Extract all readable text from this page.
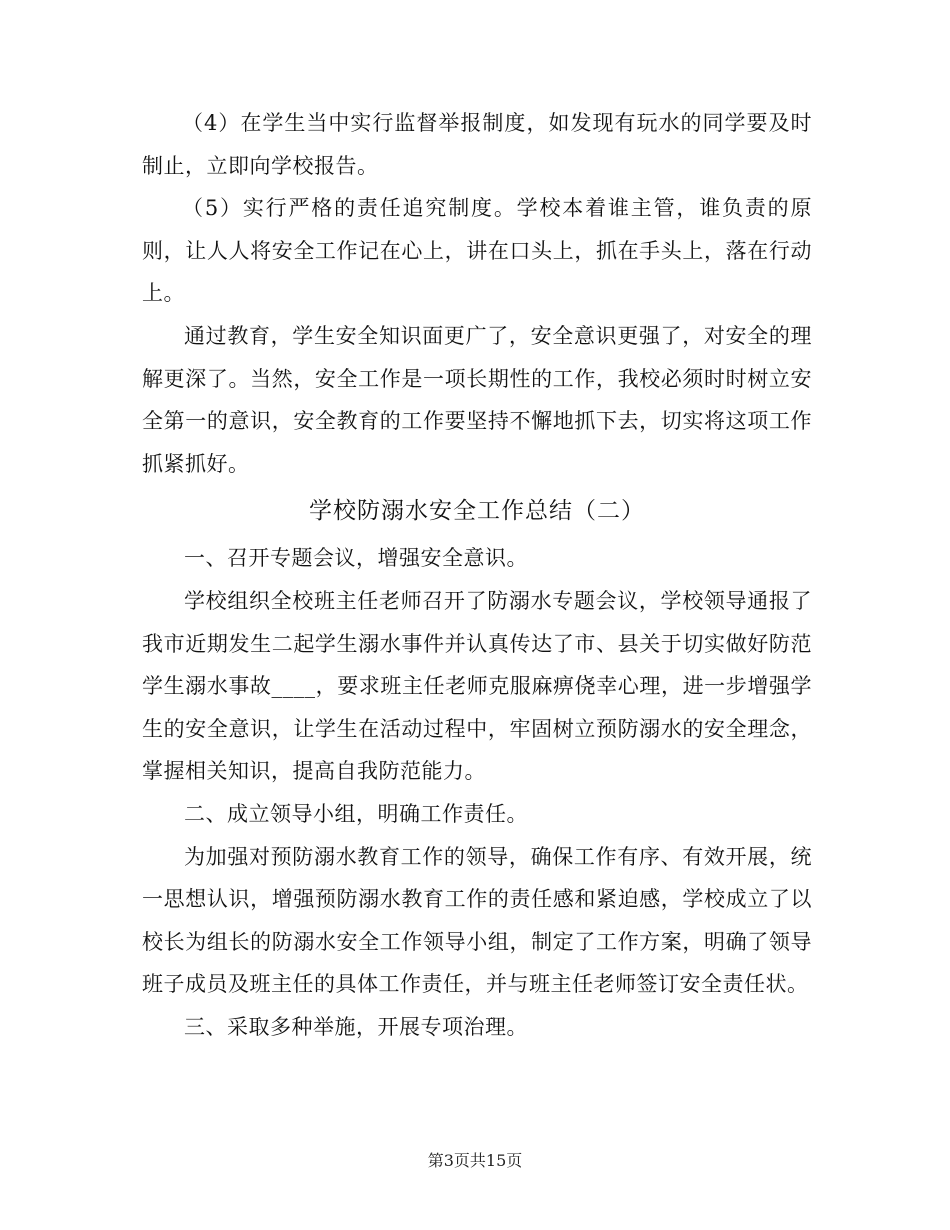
（4）在学生当中实行监督举报制度，如发现有玩水的同学要及时制止，立即向学校报告。

（5）实行严格的责任追究制度。学校本着谁主管，谁负责的原则，让人人将安全工作记在心上，讲在口头上，抓在手头上，落在行动上。

通过教育，学生安全知识面更广了，安全意识更强了，对安全的理解更深了。当然，安全工作是一项长期性的工作，我校必须时时树立安全第一的意识，安全教育的工作要坚持不懈地抓下去，切实将这项工作抓紧抓好。

学校防溺水安全工作总结（二）

一、召开专题会议，增强安全意识。

学校组织全校班主任老师召开了防溺水专题会议，学校领导通报了我市近期发生二起学生溺水事件并认真传达了市、县关于切实做好防范学生溺水事故____，要求班主任老师克服麻痹侥幸心理，进一步增强学生的安全意识，让学生在活动过程中，牢固树立预防溺水的安全理念，掌握相关知识，提高自我防范能力。

二、成立领导小组，明确工作责任。

为加强对预防溺水教育工作的领导，确保工作有序、有效开展，统一思想认识，增强预防溺水教育工作的责任感和紧迫感，学校成立了以校长为组长的防溺水安全工作领导小组，制定了工作方案，明确了领导班子成员及班主任的具体工作责任，并与班主任老师签订安全责任状。

三、采取多种举施，开展专项治理。

第3页共15页
